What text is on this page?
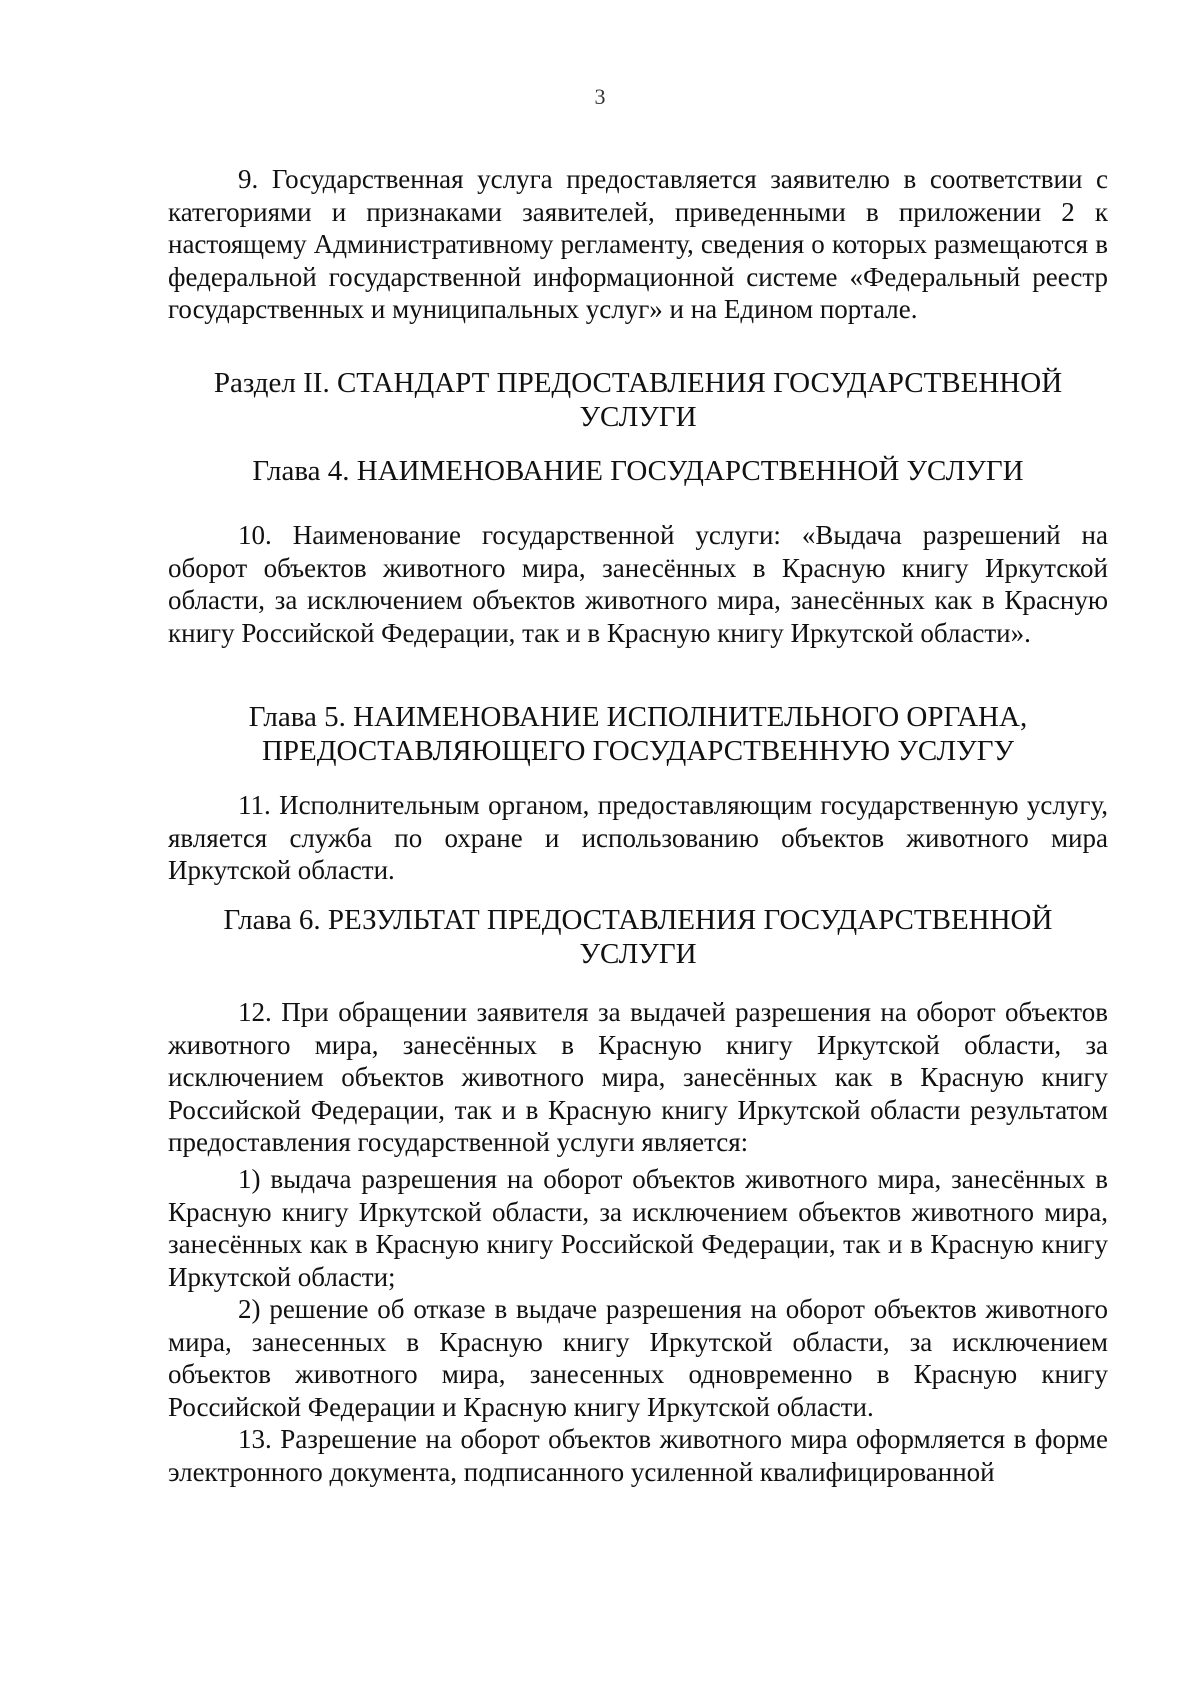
3

9. Государственная услуга предоставляется заявителю в соответствии с категориями и признаками заявителей, приведенными в приложении 2 к настоящему Административному регламенту, сведения о которых размещаются в федеральной государственной информационной системе «Федеральный реестр государственных и муниципальных услуг» и на Едином портале.

Раздел II. СТАНДАРТ ПРЕДОСТАВЛЕНИЯ ГОСУДАРСТВЕННОЙ
УСЛУГИ
Глава 4. НАИМЕНОВАНИЕ ГОСУДАРСТВЕННОЙ УСЛУГИ

10. Наименование государственной услуги: «Выдача разрешений на оборот объектов животного мира, занесённых в Красную книгу Иркутской области, за исключением объектов животного мира, занесённых как в Красную книгу Российской Федерации, так и в Красную книгу Иркутской области».

Глава 5. НАИМЕНОВАНИЕ ИСПОЛНИТЕЛЬНОГО ОРГАНА,
ПРЕДОСТАВЛЯЮЩЕГО ГОСУДАРСТВЕННУЮ УСЛУГУ

11. Исполнительным органом, предоставляющим государственную услугу, является служба по охране и использованию объектов животного мира Иркутской области.

Глава 6. РЕЗУЛЬТАТ ПРЕДОСТАВЛЕНИЯ ГОСУДАРСТВЕННОЙ
УСЛУГИ

12. При обращении заявителя за выдачей разрешения на оборот объектов животного мира, занесённых в Красную книгу Иркутской области, за исключением объектов животного мира, занесённых как в Красную книгу Российской Федерации, так и в Красную книгу Иркутской области результатом предоставления государственной услуги является:

1) выдача разрешения на оборот объектов животного мира, занесённых в Красную книгу Иркутской области, за исключением объектов животного мира, занесённых как в Красную книгу Российской Федерации, так и в Красную книгу Иркутской области;

2) решение об отказе в выдаче разрешения на оборот объектов животного мира, занесенных в Красную книгу Иркутской области, за исключением объектов животного мира, занесенных одновременно в Красную книгу Российской Федерации и Красную книгу Иркутской области.

13. Разрешение на оборот объектов животного мира оформляется в форме электронного документа, подписанного усиленной квалифицированной
